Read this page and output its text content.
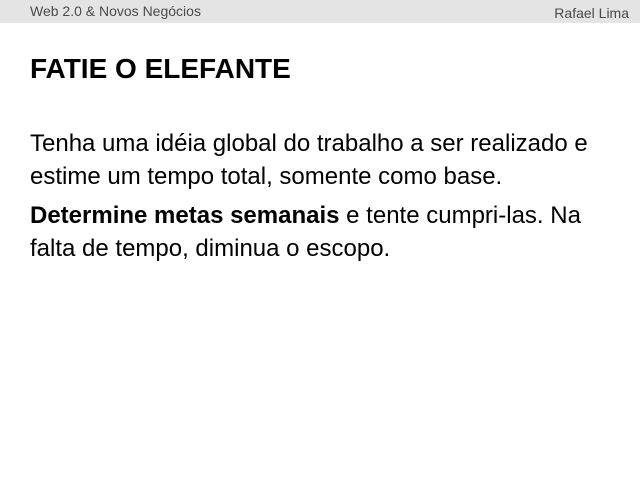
Web 2.0 & Novos Negócios	Rafael Lima
FATIE O ELEFANTE

Tenha uma idéia global do trabalho a ser realizado e estime um tempo total, somente como base.

Determine metas semanais e tente cumpri-las. Na falta de tempo, diminua o escopo.
